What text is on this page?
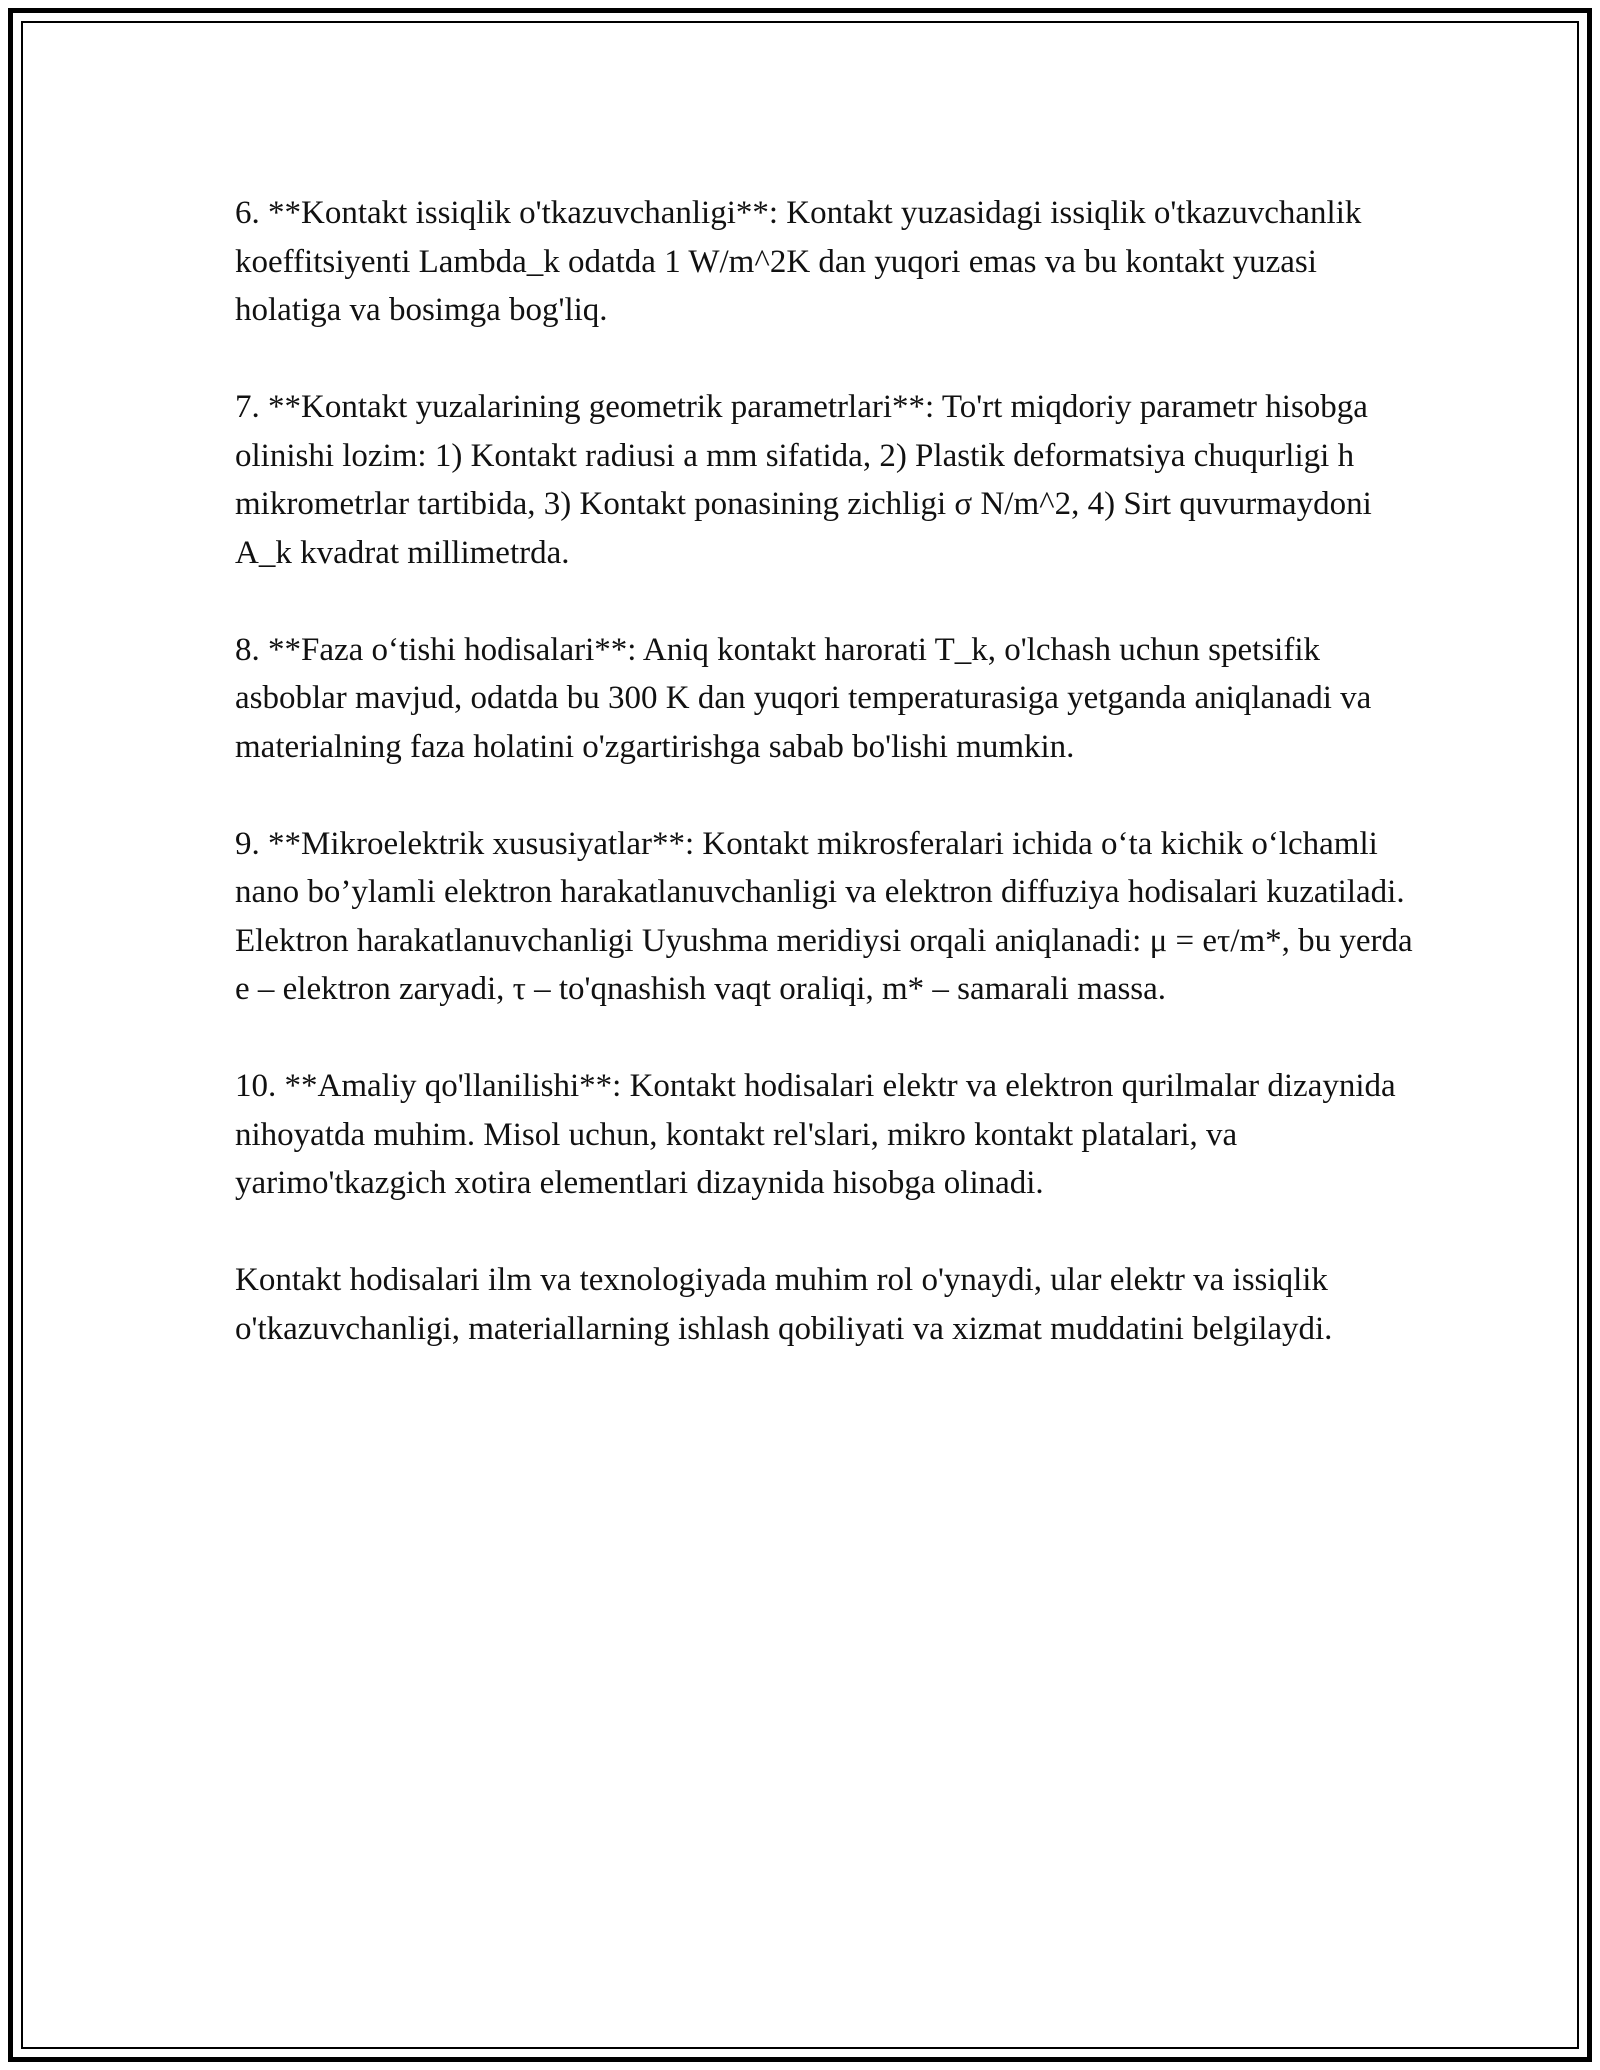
6. **Kontakt issiqlik o'tkazuvchanligi**: Kontakt yuzasidagi issiqlik o'tkazuvchanlik koeffitsiyenti Lambda_k odatda 1 W/m^2K dan yuqori emas va bu kontakt yuzasi holatiga va bosimga bog'liq.

7. **Kontakt yuzalarining geometrik parametrlari**: To'rt miqdoriy parametr hisobga olinishi lozim: 1) Kontakt radiusi a mm sifatida, 2) Plastik deformatsiya chuqurligi h mikrometrlar tartibida, 3) Kontakt ponasining zichligi σ N/m^2, 4) Sirt quvurmaydoni A_k kvadrat millimetrda.

8. **Faza o‘tishi hodisalari**: Aniq kontakt harorati T_k, o'lchash uchun spetsifik asboblar mavjud, odatda bu 300 K dan yuqori temperaturasiga yetganda aniqlanadi va materialning faza holatini o'zgartirishga sabab bo'lishi mumkin.

9. **Mikroelektrik xususiyatlar**: Kontakt mikrosferalari ichida o‘ta kichik o‘lchamli nano bo’ylamli elektron harakatlanuvchanligi va elektron diffuziya hodisalari kuzatiladi. Elektron harakatlanuvchanligi Uyushma meridiysi orqali aniqlanadi: μ = eτ/m*, bu yerda e – elektron zaryadi, τ – to'qnashish vaqt oraliqi, m* – samarali massa.

10. **Amaliy qo'llanilishi**: Kontakt hodisalari elektr va elektron qurilmalar dizaynida nihoyatda muhim. Misol uchun, kontakt rel'slari, mikro kontakt platalari, va yarimo'tkazgich xotira elementlari dizaynida hisobga olinadi.

Kontakt hodisalari ilm va texnologiyada muhim rol o'ynaydi, ular elektr va issiqlik o'tkazuvchanligi, materiallarning ishlash qobiliyati va xizmat muddatini belgilaydi.
